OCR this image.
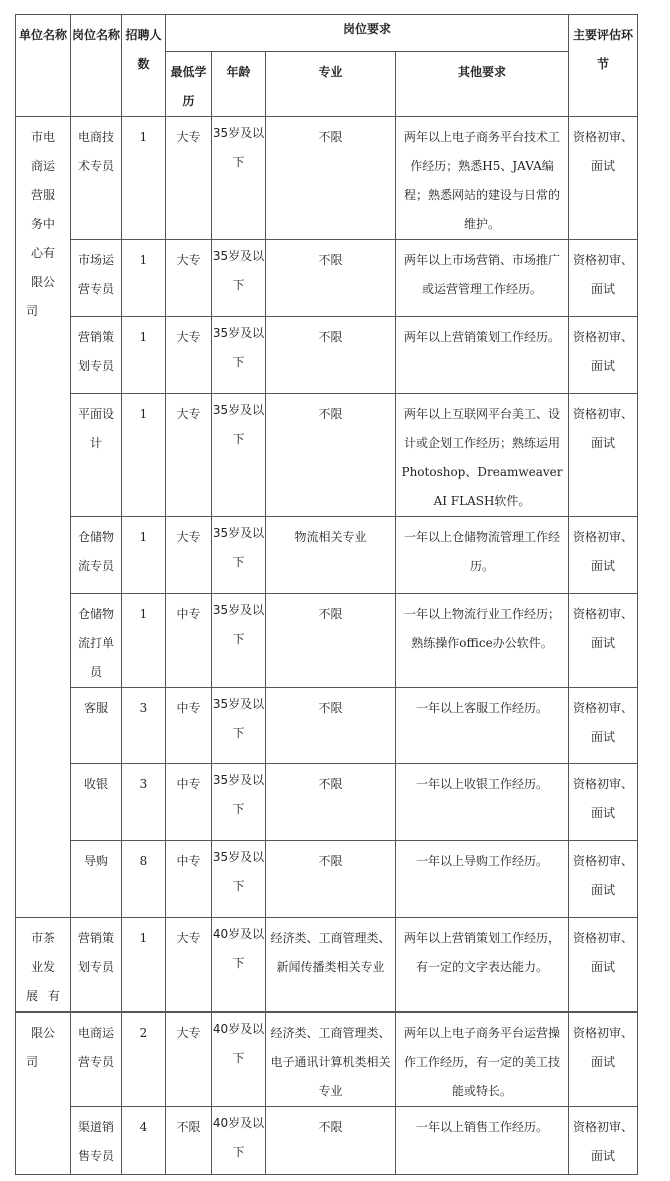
单位名称	岗位名称	招聘人数	岗位要求				主要评估环节
			最低学历	年龄	专业	其他要求	
市电商运营服务中心有限公司	电商技术专员	1	大专	35岁及以下	不限	两年以上电子商务平台技术工作经历；熟悉H5、JAVA编程；熟悉网站的建设与日常的维护。	资格初审、面试
	市场运营专员	1	大专	35岁及以下	不限	两年以上市场营销、市场推广或运营管理工作经历。	资格初审、面试
	营销策划专员	1	大专	35岁及以下	不限	两年以上营销策划工作经历。	资格初审、面试
	平面设计	1	大专	35岁及以下	不限	两年以上互联网平台美工、设计或企划工作经历；熟练运用Photoshop、Dreamweaver AI FLASH软件。	资格初审、面试
	仓储物流专员	1	大专	35岁及以下	物流相关专业	一年以上仓储物流管理工作经历。	资格初审、面试
	仓储物流打单员	1	中专	35岁及以下	不限	一年以上物流行业工作经历；熟练操作office办公软件。	资格初审、面试
	客服	3	中专	35岁及以下	不限	一年以上客服工作经历。	资格初审、面试
	收银	3	中专	35岁及以下	不限	一年以上收银工作经历。	资格初审、面试
	导购	8	中专	35岁及以下	不限	一年以上导购工作经历。	资格初审、面试
市茶业发展有	营销策划专员	1	大专	40岁及以下	经济类、工商管理类、新闻传播类相关专业	两年以上营销策划工作经历，有一定的文字表达能力。	资格初审、面试
限公司	电商运营专员	2	大专	40岁及以下	经济类、工商管理类、电子通讯计算机类相关专业	两年以上电子商务平台运营操作工作经历，有一定的美工技能或特长。	资格初审、面试
	渠道销售专员	4	不限	40岁及以下	不限	一年以上销售工作经历。	资格初审、面试
